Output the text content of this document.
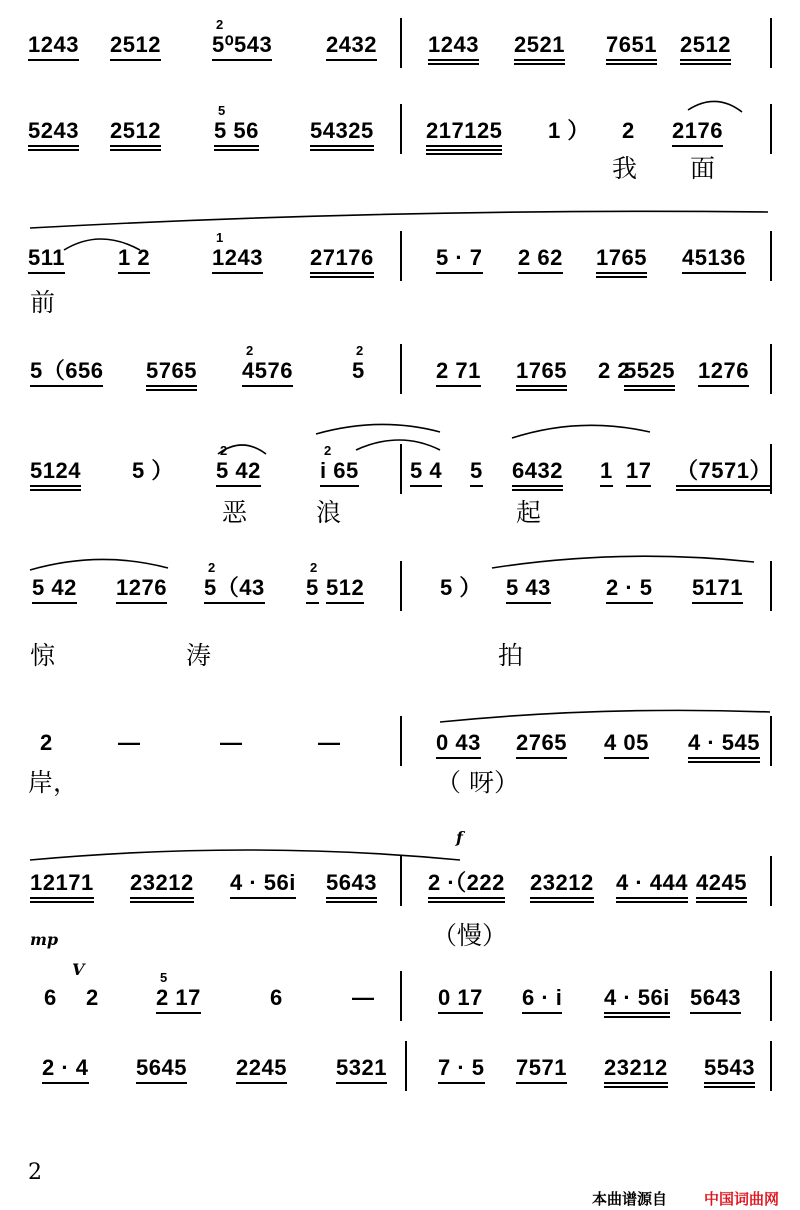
1243 2512 5⁰543 2432 1243 2521 7651 2512
2
5243 2512 5 56 54325 217125 1 ） 2 2176
5
我 面
511 1 2	1243 27176	5 · 7 2 62 1765 45136
1
前
5（656 5765 4576	5	2 71 1765 2 2
5525 1276
2	2
5124 5 ） 5 42	i 65 5 4 5 6432 1 17 （7571）
2	2
恶	浪	起
5 42 1276 5（43 5 512	5 ） 5 43	2 · 5 5171
2	2
惊	涛	拍
2	—	—	—	0 43 2765 4 05 4 · 545
岸，	（ 呀）
12171 23212 4 · 56i 5643 2 ·（222 23212 4 · 444 4245
（慢）
f
mp
6 2	2 17	6	—	0 17 6 · i 4 · 56i 5643
5
V
2 · 4 5645 2245 5321 7 · 5 7571 23212 5543
2
本曲谱源自 中国词曲网
